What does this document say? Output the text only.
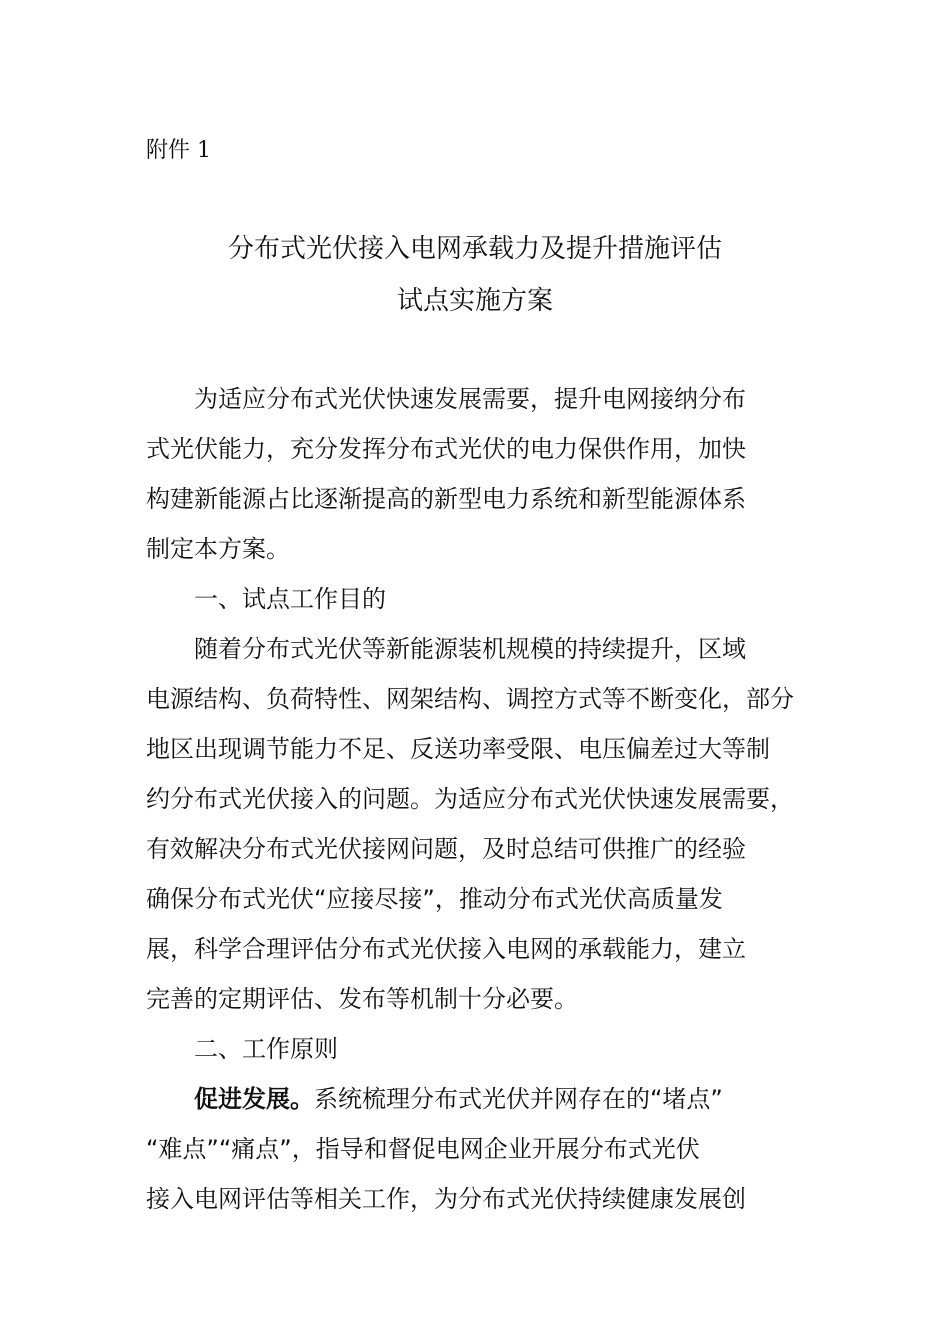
附件 1
分布式光伏接入电网承载力及提升措施评估
试点实施方案
为适应分布式光伏快速发展需要，提升电网接纳分布
式光伏能力，充分发挥分布式光伏的电力保供作用，加快
构建新能源占比逐渐提高的新型电力系统和新型能源体系
制定本方案。
一、试点工作目的
随着分布式光伏等新能源装机规模的持续提升，区域
电源结构、负荷特性、网架结构、调控方式等不断变化，部分
地区出现调节能力不足、反送功率受限、电压偏差过大等制
约分布式光伏接入的问题。为适应分布式光伏快速发展需要，
有效解决分布式光伏接网问题，及时总结可供推广的经验
确保分布式光伏“应接尽接”，推动分布式光伏高质量发
展，科学合理评估分布式光伏接入电网的承载能力，建立
完善的定期评估、发布等机制十分必要。
二、工作原则
促进发展。系统梳理分布式光伏并网存在的“堵点”
“难点”“痛点”，指导和督促电网企业开展分布式光伏
接入电网评估等相关工作，为分布式光伏持续健康发展创
